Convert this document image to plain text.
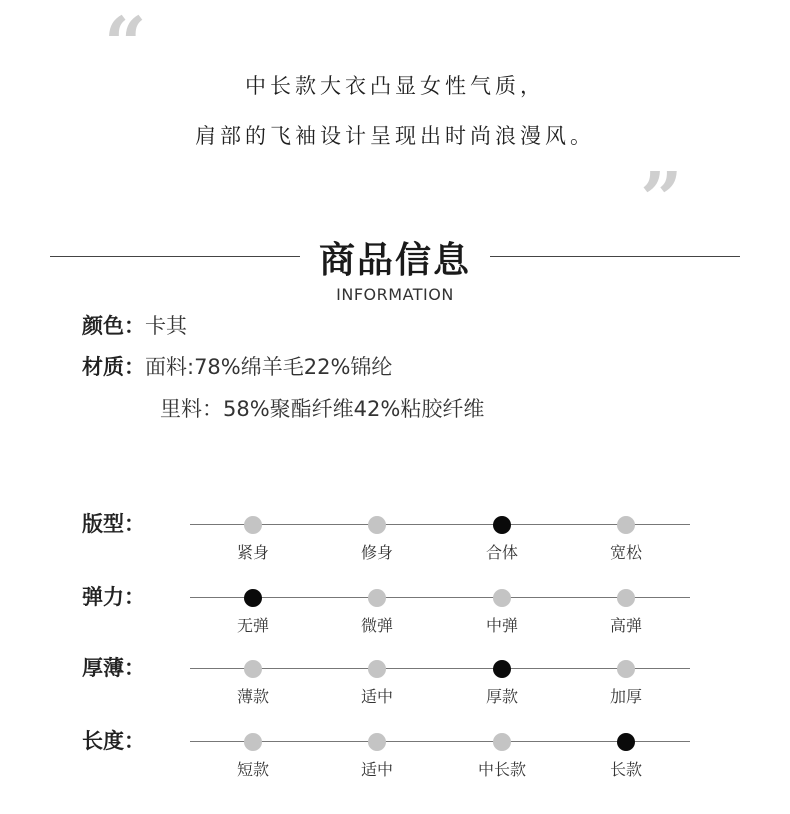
“	中长款大衣凸显女性气质，
肩部的飞袖设计呈现出时尚浪漫风。
”
商品信息
INFORMATION
颜色：卡其
材质：面料:78%绵羊毛22%锦纶
里料：58%聚酯纤维42%粘胶纤维
版型：
紧身	修身	合体	宽松
弹力：
无弹	微弹	中弹	高弹
厚薄：
薄款	适中	厚款	加厚
长度：
短款	适中	中长款	长款
